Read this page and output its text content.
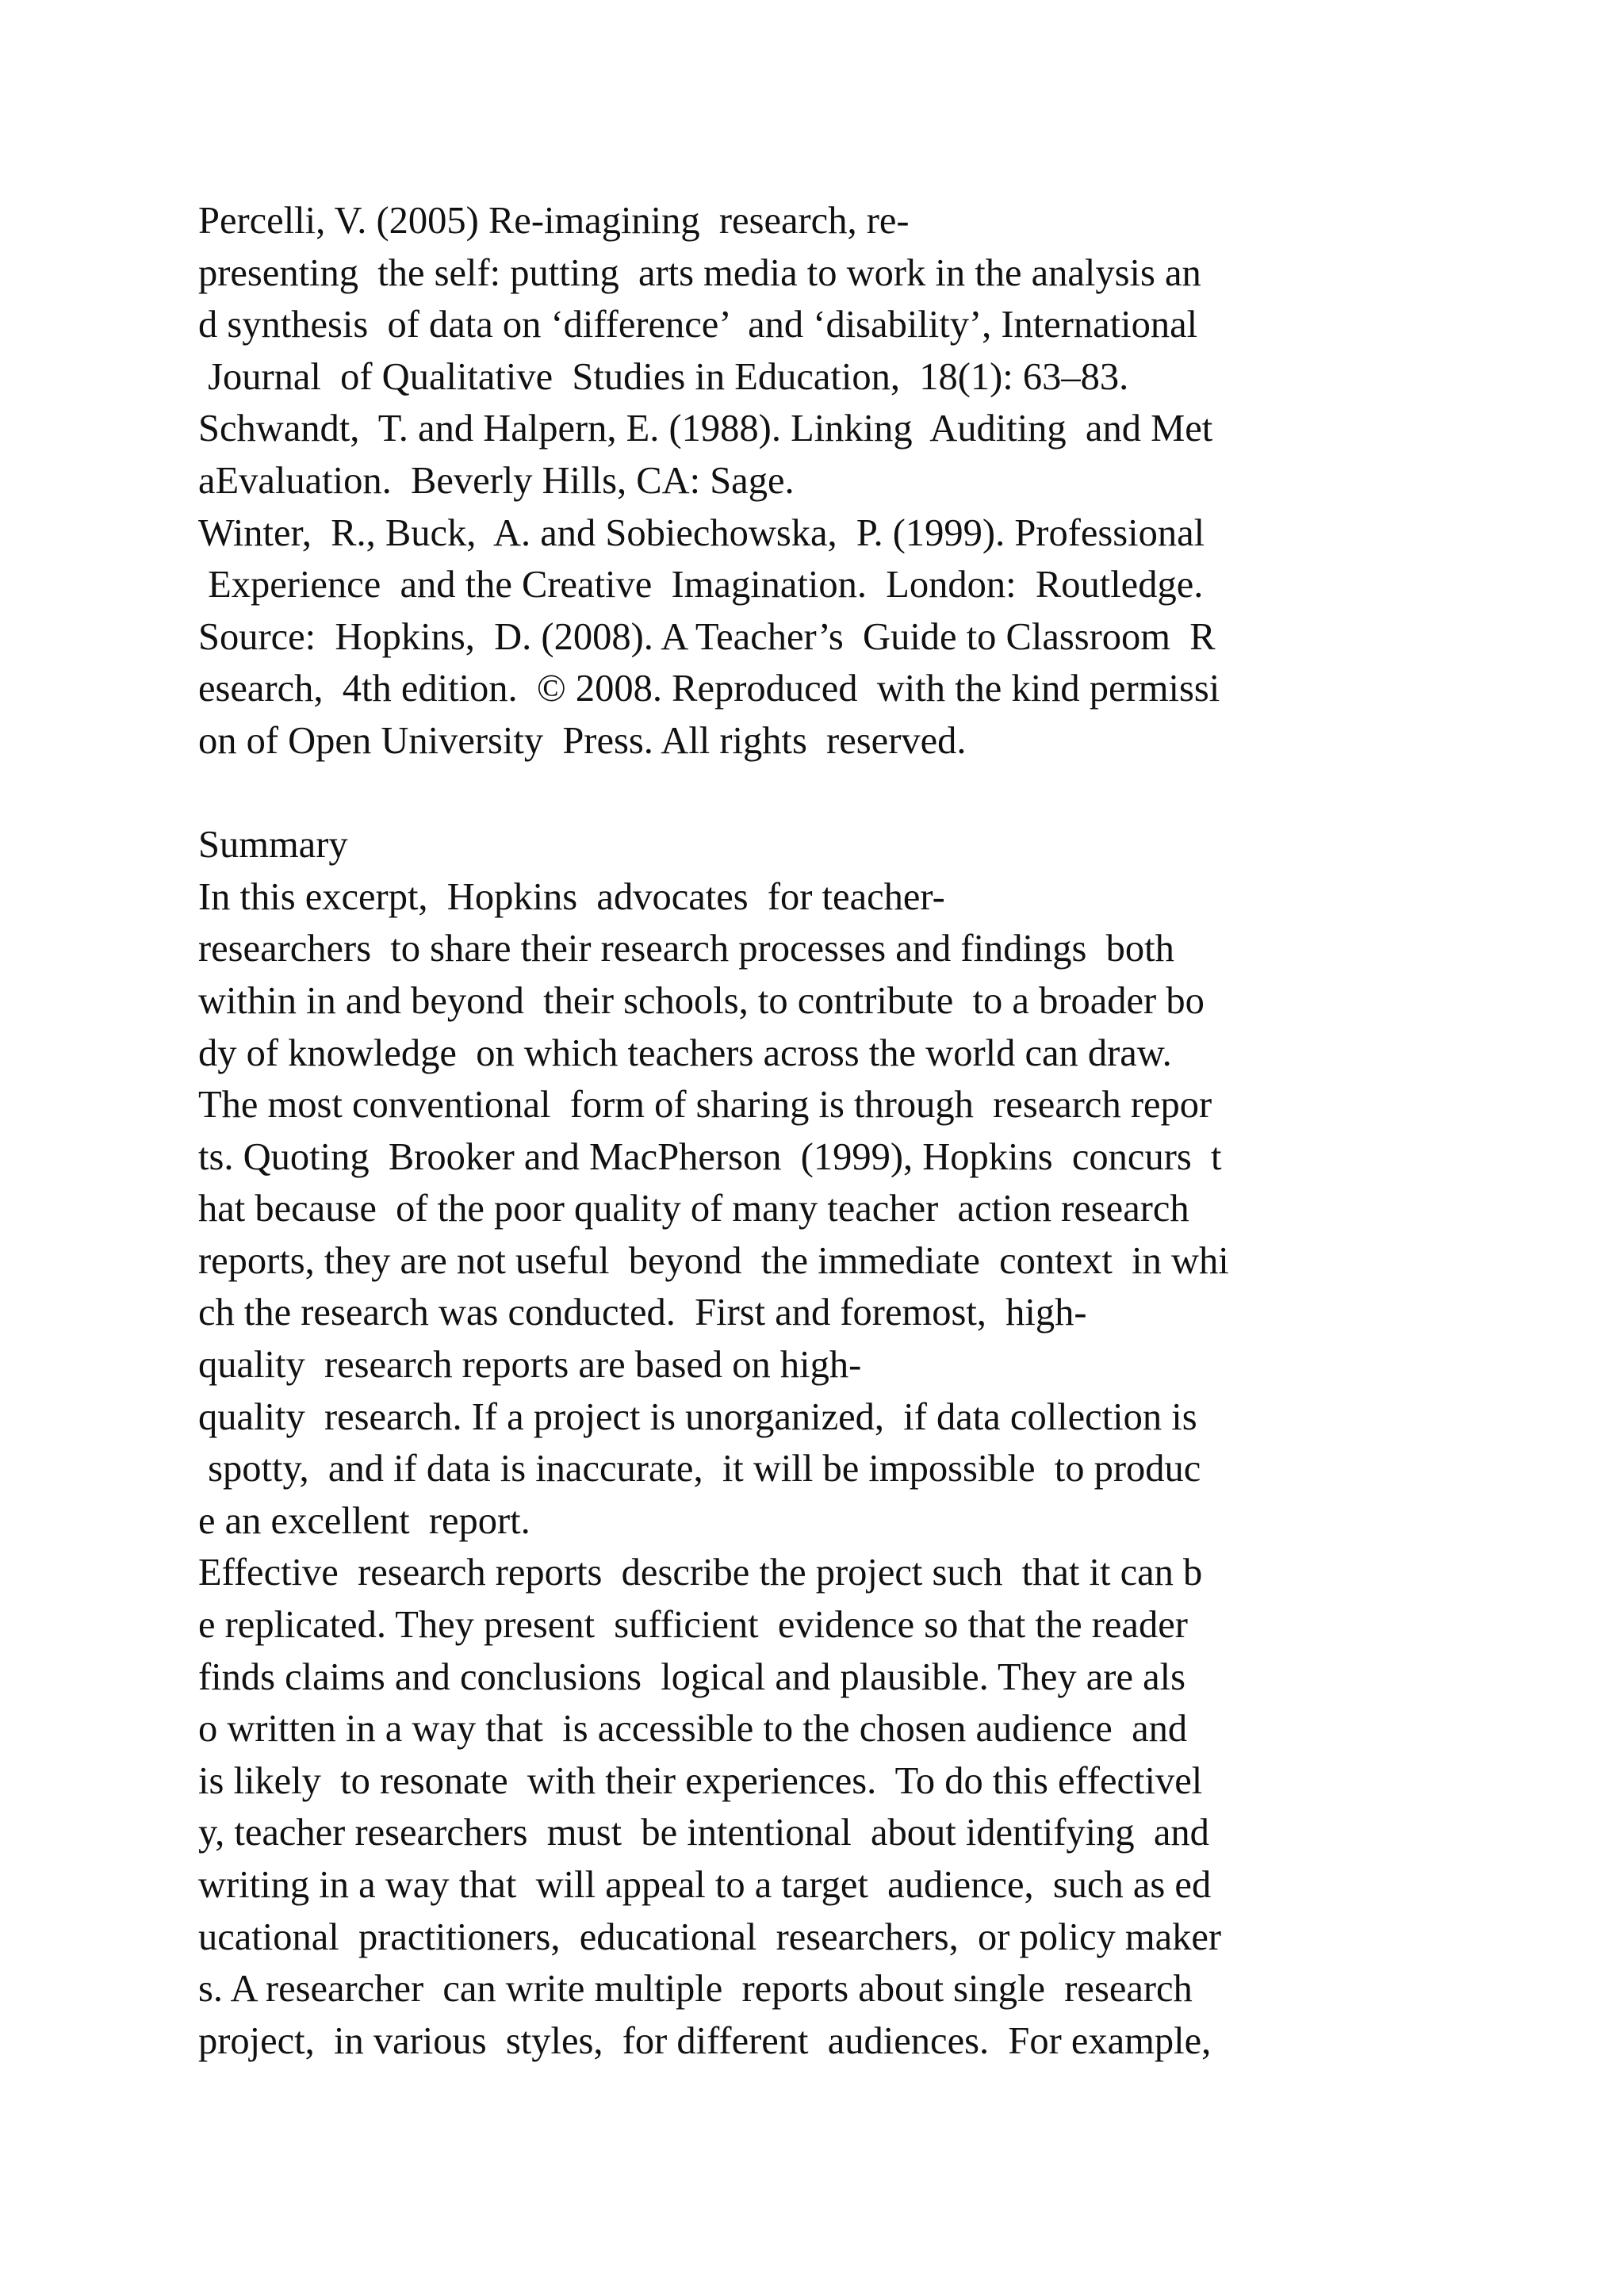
Percelli, V. (2005) Re-imagining  research, re-
presenting  the self: putting  arts media to work in the analysis an
d synthesis  of data on ‘difference’  and ‘disability’, International
Journal  of Qualitative  Studies in Education,  18(1): 63–83.
Schwandt,  T. and Halpern, E. (1988). Linking  Auditing  and Met
aEvaluation.  Beverly Hills, CA: Sage.
Winter,  R., Buck,  A. and Sobiechowska,  P. (1999). Professional
Experience  and the Creative  Imagination.  London:  Routledge.
Source:  Hopkins,  D. (2008). A Teacher’s  Guide to Classroom  R
esearch,  4th edition.  © 2008. Reproduced  with the kind permissi
on of Open University  Press. All rights  reserved.
Summary
In this excerpt,  Hopkins  advocates  for teacher-
researchers  to share their research processes and findings  both
within in and beyond  their schools, to contribute  to a broader bo
dy of knowledge  on which teachers across the world can draw.
The most conventional  form of sharing is through  research repor
ts. Quoting  Brooker and MacPherson  (1999), Hopkins  concurs  t
hat because  of the poor quality of many teacher  action research
reports, they are not useful  beyond  the immediate  context  in whi
ch the research was conducted.  First and foremost,  high-
quality  research reports are based on high-
quality  research. If a project is unorganized,  if data collection is
spotty,  and if data is inaccurate,  it will be impossible  to produc
e an excellent  report.
Effective  research reports  describe the project such  that it can b
e replicated. They present  sufficient  evidence so that the reader
finds claims and conclusions  logical and plausible. They are als
o written in a way that  is accessible to the chosen audience  and
is likely  to resonate  with their experiences.  To do this effectivel
y, teacher researchers  must  be intentional  about identifying  and
writing in a way that  will appeal to a target  audience,  such as ed
ucational  practitioners,  educational  researchers,  or policy maker
s. A researcher  can write multiple  reports about single  research
project,  in various  styles,  for different  audiences.  For example,
